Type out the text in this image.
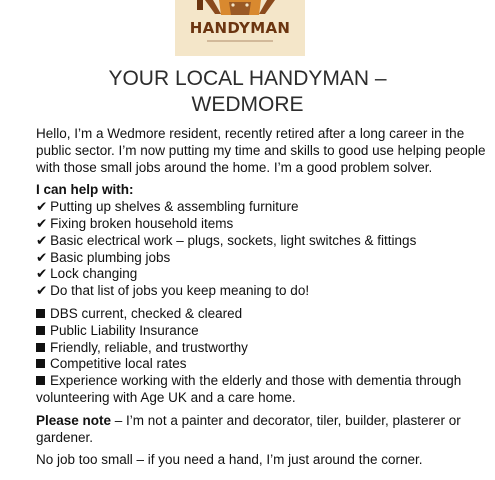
HANDYMAN
YOUR LOCAL HANDYMAN –
WEDMORE

Hello, I’m a Wedmore resident, recently retired after a long career in the public sector. I’m now putting my time and skills to good use helping people with those small jobs around the home. I’m a good problem solver.

I can help with:

✔ Putting up shelves & assembling furniture
✔ Fixing broken household items
✔ Basic electrical work – plugs, sockets, light switches & fittings
✔ Basic plumbing jobs
✔ Lock changing
✔ Do that list of jobs you keep meaning to do!
DBS current, checked & cleared
Public Liability Insurance
Friendly, reliable, and trustworthy
Competitive local rates
Experience working with the elderly and those with dementia through volunteering with Age UK and a care home.

Please note – I’m not a painter and decorator, tiler, builder, plasterer or gardener.

No job too small – if you need a hand, I’m just around the corner.
